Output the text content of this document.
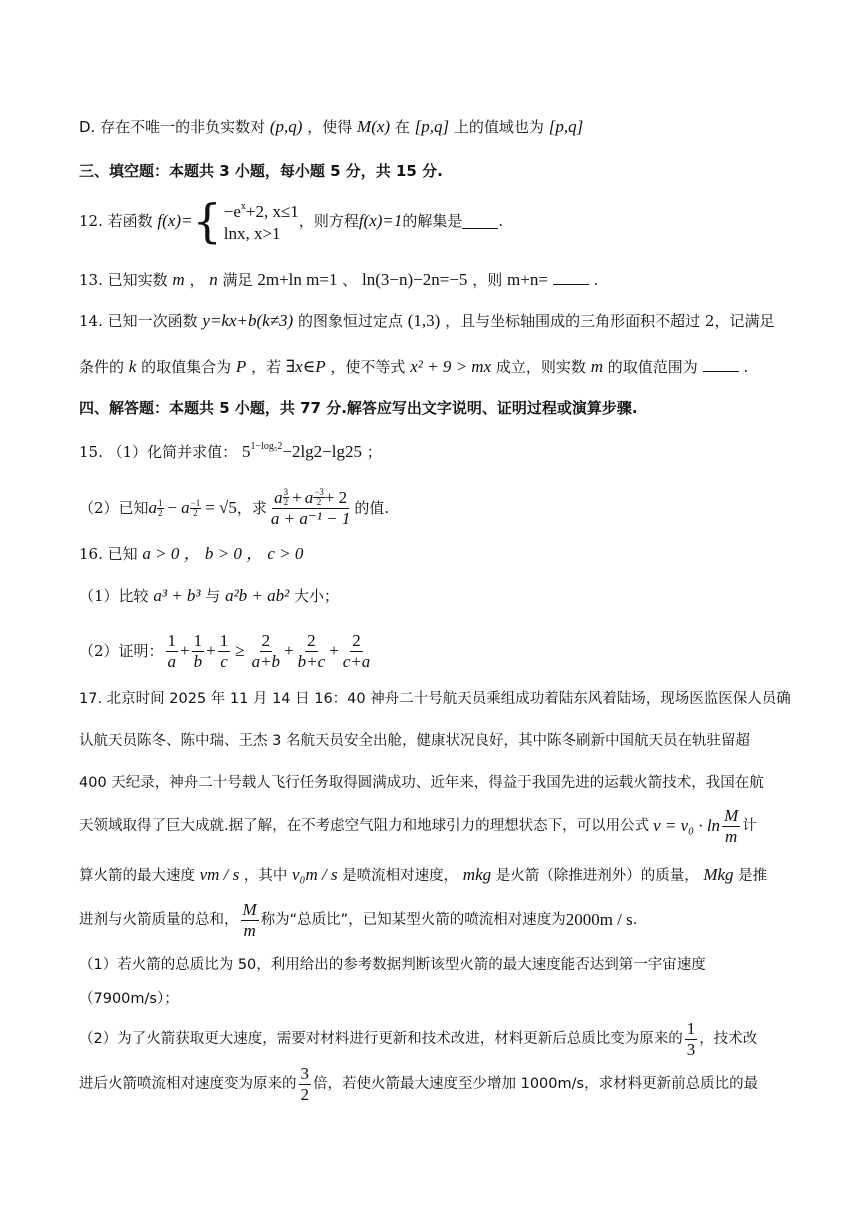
D. 存在不唯一的非负实数对 (p,q) ，使得 M(x) 在 [p,q] 上的值域也为 [p,q]
三、填空题：本题共 3 小题，每小题 5 分，共 15 分.
12. 若函数
f(x)= { $-e^x+2$, x≤1
lnx, x>1
，则方程 f(x)=1 的解集是 .
13. 已知实数 m ， n 满足 2m+ln m=1 、 ln(3−n)−2n=−5 ，则 m+n=	.
14. 已知一次函数 y=kx+b(k≠3) 的图象恒过定点 (1,3) ，且与坐标轴围成的三角形面积不超过 2，记满足
条件的 k 的取值集合为 P ，若 ∃x∈P ，使不等式 x² + 9 > mx 成立，则实数 m 的取值范围为	.
四、解答题：本题共 5 小题，共 77 分.解答应写出文字说明、证明过程或演算步骤.
15. （1）化简并求值： $5^{1-log_52}-2\lg 2-\lg 25$ ；
（2）已知 a 1
2 − a $\frac{-1}{2} = √5$ ，求 a 3
2 + a −3
2 + 2
a + a⁻¹ − 1 的值.
16. 已知 a > 0 ， b > 0 ， c > 0
（1）比较 a³ + b³ 与 a²b + ab² 大小；
（2）证明： $\frac{1}{a} + \frac{1}{b} + \frac{1}{c} \ge \frac{2}{a+b} + \frac{2}{b+c} + \frac{2}{c+a}$
17. 北京时间 2025 年 11 月 14 日 16：40 神舟二十号航天员乘组成功着陆东风着陆场，现场医监医保人员确
认航天员陈冬、陈中瑞、王杰 3 名航天员安全出舱，健康状况良好，其中陈冬刷新中国航天员在轨驻留超
400 天纪录，神舟二十号载人飞行任务取得圆满成功、近年来，得益于我国先进的运载火箭技术，我国在航
天领域取得了巨大成就.据了解，在不考虑空气阻力和地球引力的理想状态下，可以用公式 $v = v_0 \cdot \ln \frac{M}{m}$ 计
算火箭的最大速度 vm / s ，其中 v₀m / s 是喷流相对速度， mkg 是火箭（除推进剂外）的质量， Mkg 是推
进剂与火箭质量的总和， $\frac{M}{m}$ 称为“总质比”，已知某型火箭的喷流相对速度为 2000m / s .
（1）若火箭的总质比为 50，利用给出的参考数据判断该型火箭的最大速度能否达到第一宇宙速度
（7900m/s）；
（2）为了火箭获取更大速度，需要对材料进行更新和技术改进，材料更新后总质比变为原来的 $\frac{1}{3}$ ，技术改
进后火箭喷流相对速度变为原来的 $\frac{3}{2}$ 倍，若使火箭最大速度至少增加 1000m/s，求材料更新前总质比的最
